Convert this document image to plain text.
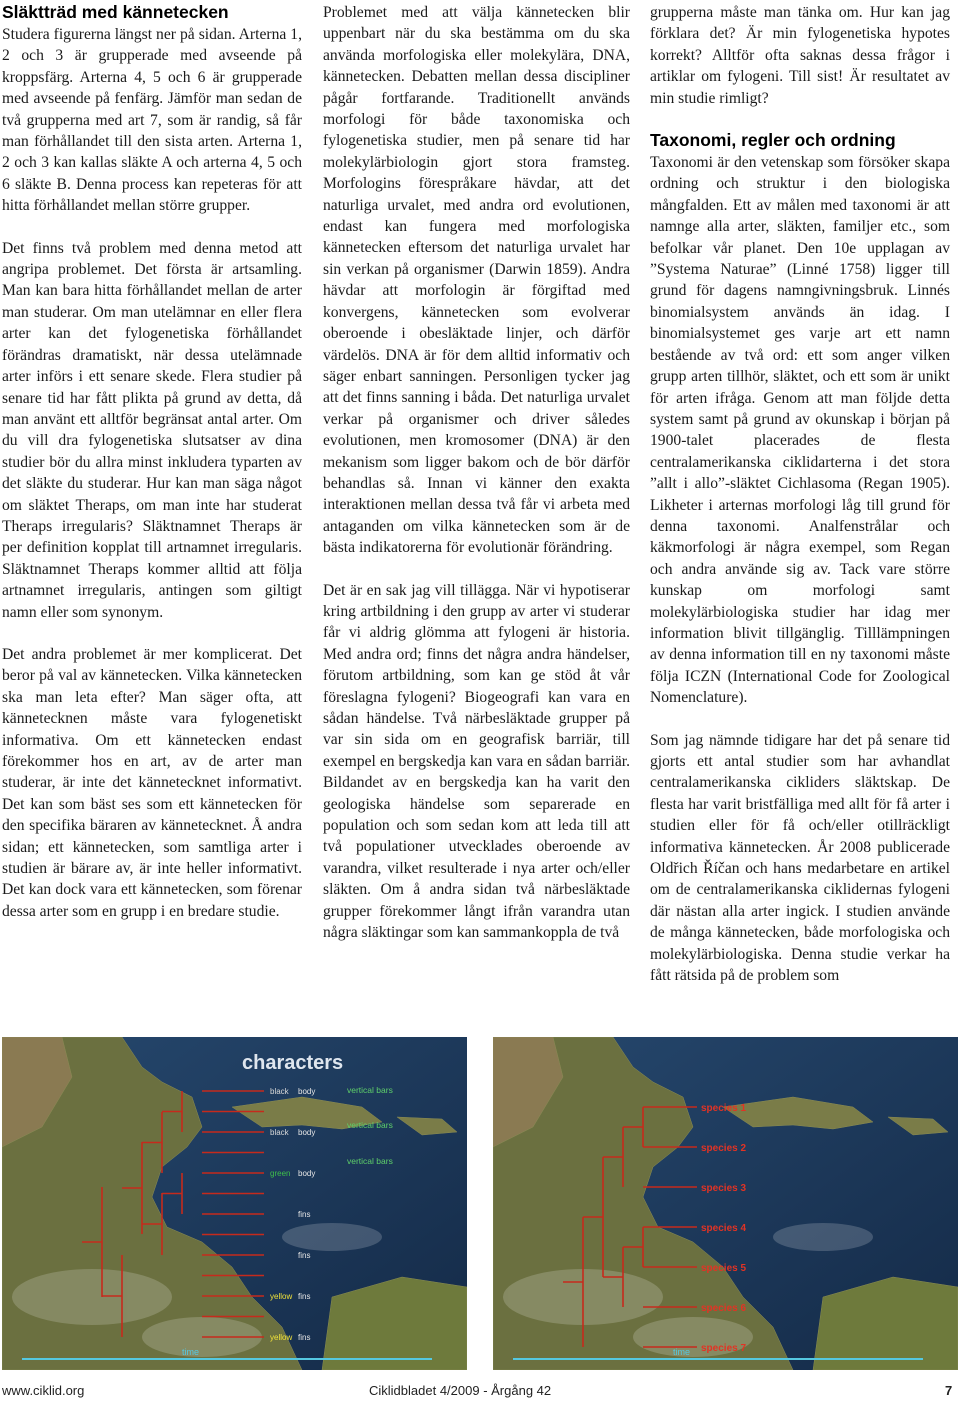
Släktträd med kännetecken

Studera figurerna längst ner på sidan. Arterna 1, 2 och 3 är grupperade med avseende på kroppsfärg. Arterna 4, 5 och 6 är grupperade med avseende på fenfärg. Jämför man sedan de två grupperna med art 7, som är randig, så får man förhållandet till den sista arten. Arterna 1, 2 och 3 kan kallas släkte A och arterna 4, 5 och 6 släkte B. Denna process kan repeteras för att hitta förhållandet mellan större grupper.

Det finns två problem med denna metod att angripa problemet. Det första är artsamling. Man kan bara hitta förhållandet mellan de arter man studerar. Om man utelämnar en eller flera arter kan det fylogenetiska förhållandet förändras dramatiskt, när dessa utelämnade arter införs i ett senare skede. Flera studier på senare tid har fått plikta på grund av detta, då man använt ett alltför begränsat antal arter. Om du vill dra fylogenetiska slutsatser av dina studier bör du allra minst inkludera typarten av det släkte du studerar. Hur kan man säga något om släktet Theraps, om man inte har studerat Theraps irregularis? Släktnamnet Theraps är per definition kopplat till artnamnet irregularis. Släktnamnet Theraps kommer alltid att följa artnamnet irregularis, antingen som giltigt namn eller som synonym.

Det andra problemet är mer komplicerat. Det beror på val av kännetecken. Vilka kännetecken ska man leta efter? Man säger ofta, att kännetecknen måste vara fylogenetiskt informativa. Om ett kännetecken endast förekommer hos en art, av de arter man studerar, är inte det kännetecknet informativt. Det kan som bäst ses som ett kännetecken för den specifika bäraren av kännetecknet. Å andra sidan; ett kännetecken, som samtliga arter i studien är bärare av, är inte heller informativt. Det kan dock vara ett kännetecken, som förenar dessa arter som en grupp i en bredare studie.

Problemet med att välja kännetecken blir uppenbart när du ska bestämma om du ska använda morfologiska eller molekylära, DNA, kännetecken. Debatten mellan dessa discipliner pågår fortfarande. Traditionellt används morfologi för både taxonomiska och fylogenetiska studier, men på senare tid har molekylärbiologin gjort stora framsteg. Morfologins förespråkare hävdar, att det naturliga urvalet, med andra ord evolutionen, endast kan fungera med morfologiska kännetecken eftersom det naturliga urvalet har sin verkan på organismer (Darwin 1859). Andra hävdar att morfologin är förgiftad med konvergens, kännetecken som evolverar oberoende i obesläktade linjer, och därför värdelös. DNA är för dem alltid informativ och säger enbart sanningen. Personligen tycker jag att det finns sanning i båda. Det naturliga urvalet verkar på organismer och driver således evolutionen, men kromosomer (DNA) är den mekanism som ligger bakom och de bör därför behandlas så. Innan vi känner den exakta interaktionen mellan dessa två får vi arbeta med antaganden om vilka kännetecken som är de bästa indikatorerna för evolutionär förändring.

Det är en sak jag vill tillägga. När vi hypotiserar kring artbildning i den grupp av arter vi studerar får vi aldrig glömma att fylogeni är historia. Med andra ord; finns det några andra händelser, förutom artbildning, som kan ge stöd åt vår föreslagna fylogeni? Biogeografi kan vara en sådan händelse. Två närbesläktade grupper på var sin sida om en geografisk barriär, till exempel en bergskedja kan vara en sådan barriär. Bildandet av en bergskedja kan ha varit den geologiska händelse som separerade en population och som sedan kom att leda till att två populationer utvecklades oberoende av varandra, vilket resulterade i nya arter och/eller släkten. Om å andra sidan två närbesläktade grupper förekommer långt ifrån varandra utan några släktingar som kan sammankoppla de två

grupperna måste man tänka om. Hur kan jag förklara det? Är min fylogenetiska hypotes korrekt? Alltför ofta saknas dessa frågor i artiklar om fylogeni. Till sist! Är resultatet av min studie rimligt?

Taxonomi, regler och ordning

Taxonomi är den vetenskap som försöker skapa ordning och struktur i den biologiska mångfalden. Ett av målen med taxonomi är att namnge alla arter, släkten, familjer etc., som befolkar vår planet. Den 10e upplagan av ”Systema Naturae” (Linné 1758) ligger till grund för dagens namngivningsbruk. Linnés binomialsystem används än idag. I binomialsystemet ges varje art ett namn bestående av två ord: ett som anger vilken grupp arten tillhör, släktet, och ett som är unikt för arten ifråga. Genom att man följde detta system samt på grund av okunskap i början på 1900-talet placerades de flesta centralamerikanska ciklidarterna i det stora ”allt i allo”-släktet Cichlasoma (Regan 1905). Likheter i arternas morfologi låg till grund för denna taxonomi. Analfenstrålar och käkmorfologi är några exempel, som Regan och andra använde sig av. Tack vare större kunskap om morfologi samt molekylärbiologiska studier har idag mer information blivit tillgänglig. Tilllämpningen av denna information till en ny taxonomi måste följa ICZN (International Code for Zoological Nomenclature).

Som jag nämnde tidigare har det på senare tid gjorts ett antal studier som har avhandlat centralamerikanska cikliders släktskap. De flesta har varit bristfälliga med allt för få arter i studien eller för få och/eller otillräckligt informativa kännetecken. År 2008 publicerade Oldřich Říčan och hans medarbetare en artikel om de centralamerikanska ciklidernas fylogeni där nästan alla arter ingick. I studien använde de många kännetecken, både morfologiska och molekylärbiologiska. Denna studie verkar ha fått rätsida på de problem som

characters
black body
black body
green body
fins
fins
yellow fins
yellow fins
vertical bars
vertical bars
vertical bars
time
species 1
species 2
species 3
species 4
species 5
species 6
species 7
time
www.ciklid.org	Ciklidbladet 4/2009 - Årgång 42	7
